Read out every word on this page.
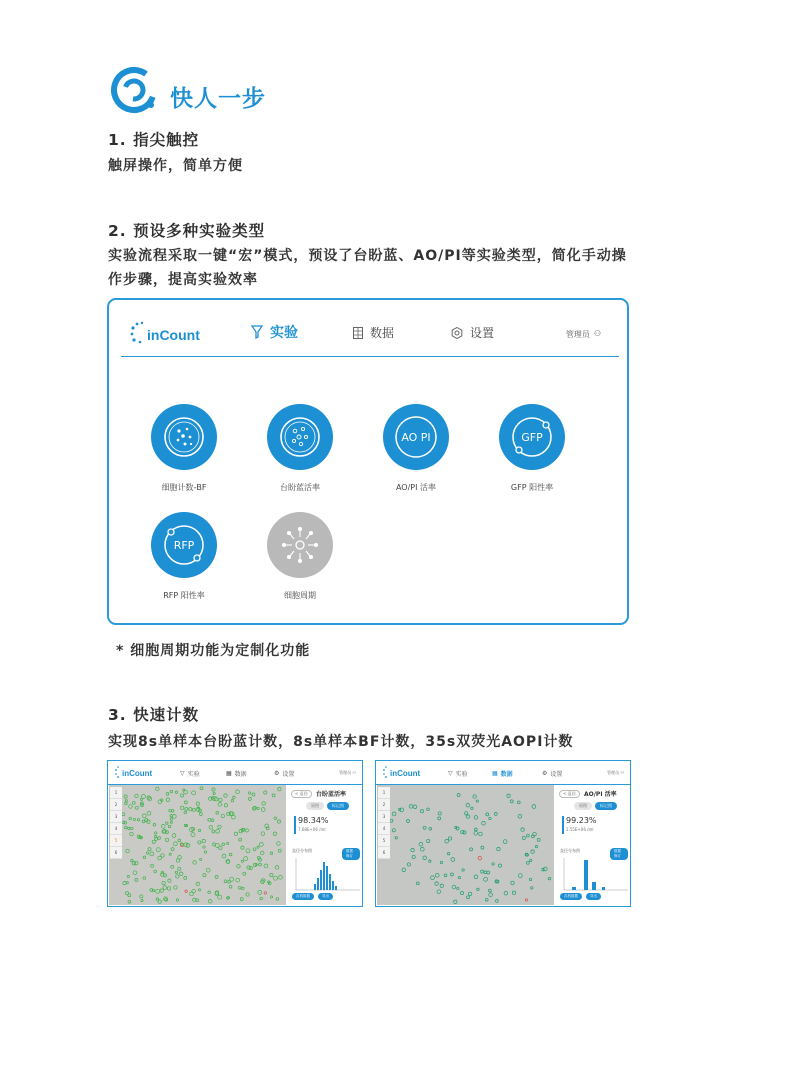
快人一步
1. 指尖触控
触屏操作，简单方便
2. 预设多种实验类型
实验流程采取一键“宏”模式，预设了台盼蓝、AO/PI等实验类型，简化手动操作步骤，提高实验效率
inCount	实验	数据	设置	管理员 ⚇
细胞计数-BF	台盼蓝活率
AO PI
AO/PI 活率
GFP
GFP 阳性率
RFP
RFP 阳性率	细胞周期
* 细胞周期功能为定制化功能
3. 快速计数
实现8s单样本台盼蓝计数，8s单样本BF计数，35s双荧光AOPI计数
inCount	▽ 实验	▦ 数据	⚙ 设置	管理员 ⚇
1
2
3
4
5
6
< 返回	台盼蓝活率
原图	标记图
98.34%
7.68E+06 /ml
直径分布图	数据修订
存档数据	导出
inCount	▽ 实验	▦ 数据	⚙ 设置	管理员 ⚇
1
2
3
4
5
6
< 返回	AO/PI 活率
原图	标记图
99.23%
1.55E+06 /ml
直径分布图	数据修订
存档数据	导出
